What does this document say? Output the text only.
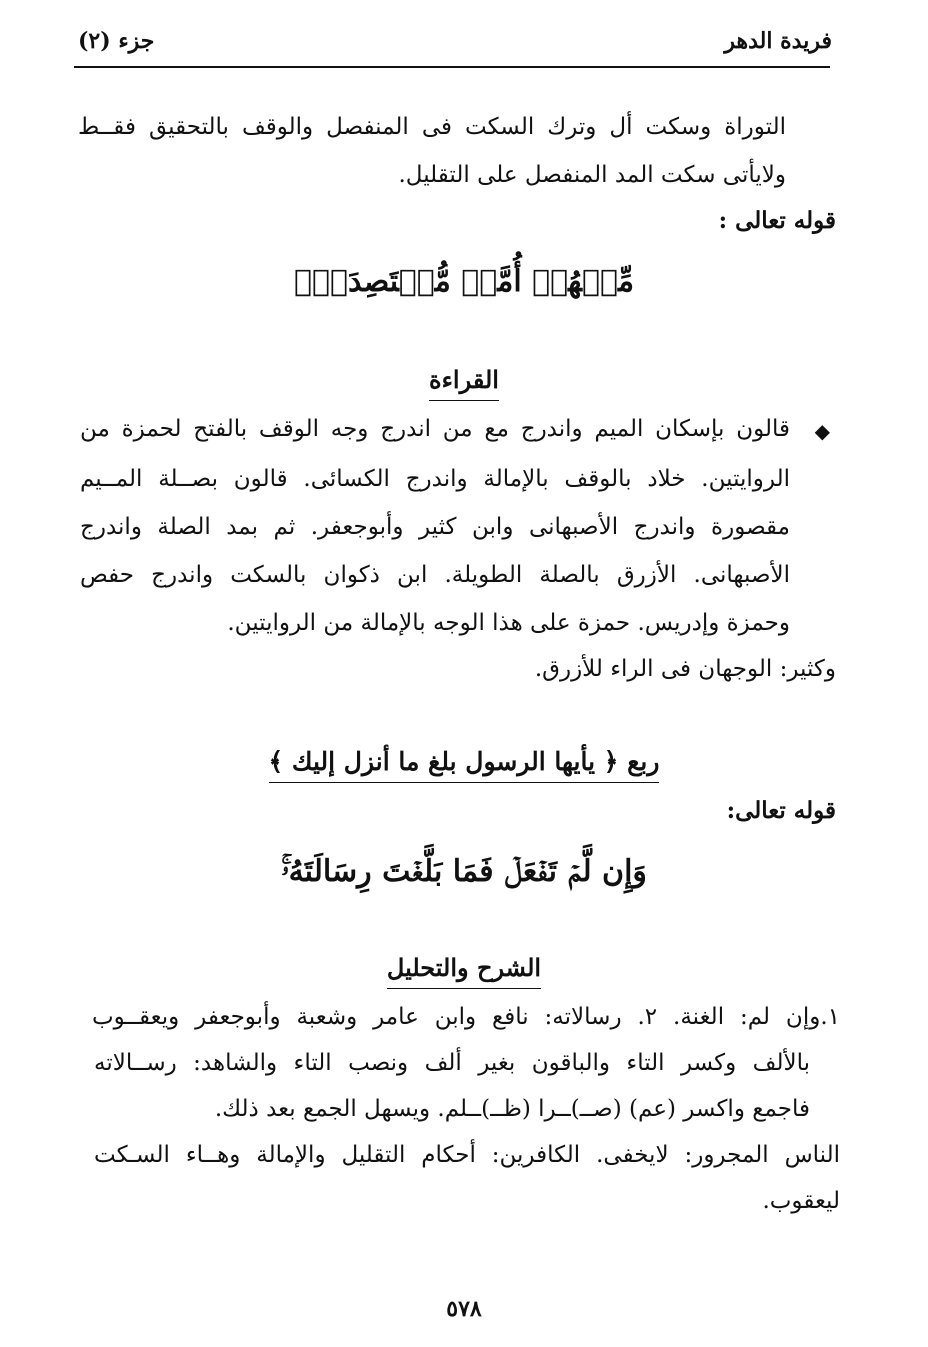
فريدة الدهر
جزء (٢)
التوراة وسكت أل وترك السكت فى المنفصل والوقف بالتحقيق فقــط
ولايأتى سكت المد المنفصل على التقليل.
قوله تعالى :
مِّنۡهُمۡ أُمَّةٞ مُّقۡتَصِدَةٞۖ
القراءة
◆
قالون بإسكان الميم واندرج مع من اندرج وجه الوقف بالفتح لحمزة من
الروايتين. خلاد بالوقف بالإمالة واندرج الكسائى. قالون بصــلة المــيم
مقصورة واندرج الأصبهانى وابن كثير وأبوجعفر. ثم بمد الصلة واندرج
الأصبهانى. الأزرق بالصلة الطويلة. ابن ذكوان بالسكت واندرج حفص
وحمزة وإدريس. حمزة على هذا الوجه بالإمالة من الروايتين.
وكثير: الوجهان فى الراء للأزرق.
ربع ﴿ يأيها الرسول بلغ ما أنزل إليك ﴾
قوله تعالى:
وَإِن لَّمۡ تَفۡعَلۡ فَمَا بَلَّغۡتَ رِسَالَتَهُۥۚ
الشرح والتحليل
١.وإن لم: الغنة. ٢. رسالاته: نافع وابن عامر وشعبة وأبوجعفر ويعقــوب
بالألف وكسر التاء والباقون بغير ألف ونصب التاء والشاهد: رســالاته
فاجمع واكسر (عم) (صــ)ــرا (ظــ)ــلم. ويسهل الجمع بعد ذلك.
الناس المجرور: لايخفى. الكافرين: أحكام التقليل والإمالة وهــاء السـكت
ليعقوب.
٥٧٨
